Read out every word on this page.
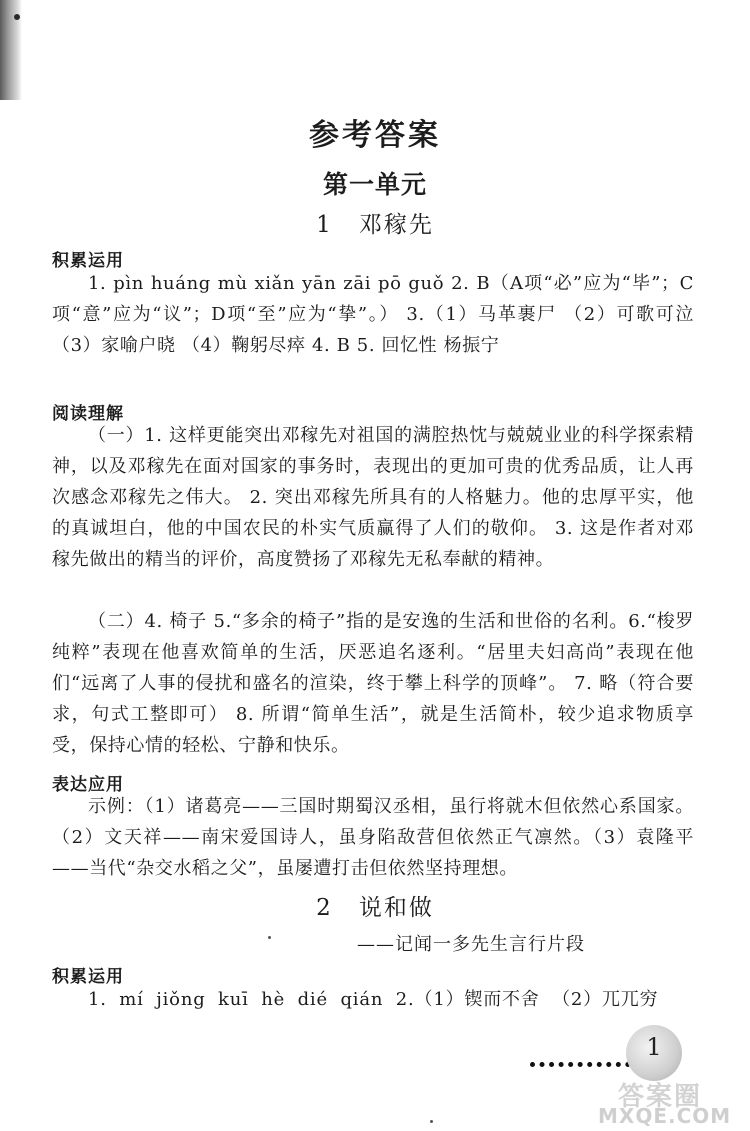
参考答案
第一单元
1 邓稼先
积累运用
1. pìn huáng mù xiǎn yān zāi pō guǒ 2. B（A项“必”应为“毕”；C项“意”应为“议”；D项“至”应为“挚”。） 3.（1）马革裹尸 （2）可歌可泣 （3）家喻户晓 （4）鞠躬尽瘁 4. B 5. 回忆性 杨振宁
阅读理解
（一）1. 这样更能突出邓稼先对祖国的满腔热忱与兢兢业业的科学探索精神，以及邓稼先在面对国家的事务时，表现出的更加可贵的优秀品质，让人再次感念邓稼先之伟大。 2. 突出邓稼先所具有的人格魅力。他的忠厚平实，他的真诚坦白，他的中国农民的朴实气质赢得了人们的敬仰。 3. 这是作者对邓稼先做出的精当的评价，高度赞扬了邓稼先无私奉献的精神。
（二）4. 椅子 5.“多余的椅子”指的是安逸的生活和世俗的名利。6.“梭罗纯粹”表现在他喜欢简单的生活，厌恶追名逐利。“居里夫妇高尚”表现在他们“远离了人事的侵扰和盛名的渲染，终于攀上科学的顶峰”。 7. 略（符合要求，句式工整即可） 8. 所谓“简单生活”，就是生活简朴，较少追求物质享受，保持心情的轻松、宁静和快乐。
表达应用
示例：（1）诸葛亮——三国时期蜀汉丞相，虽行将就木但依然心系国家。（2）文天祥——南宋爱国诗人，虽身陷敌营但依然正气凛然。（3）袁隆平——当代“杂交水稻之父”，虽屡遭打击但依然坚持理想。
2 说和做
——记闻一多先生言行片段
积累运用
1. mí jiǒng kuī hè dié qián 2.（1）锲而不舍 （2）兀兀穷
1
答案圈
MXQE.COM
